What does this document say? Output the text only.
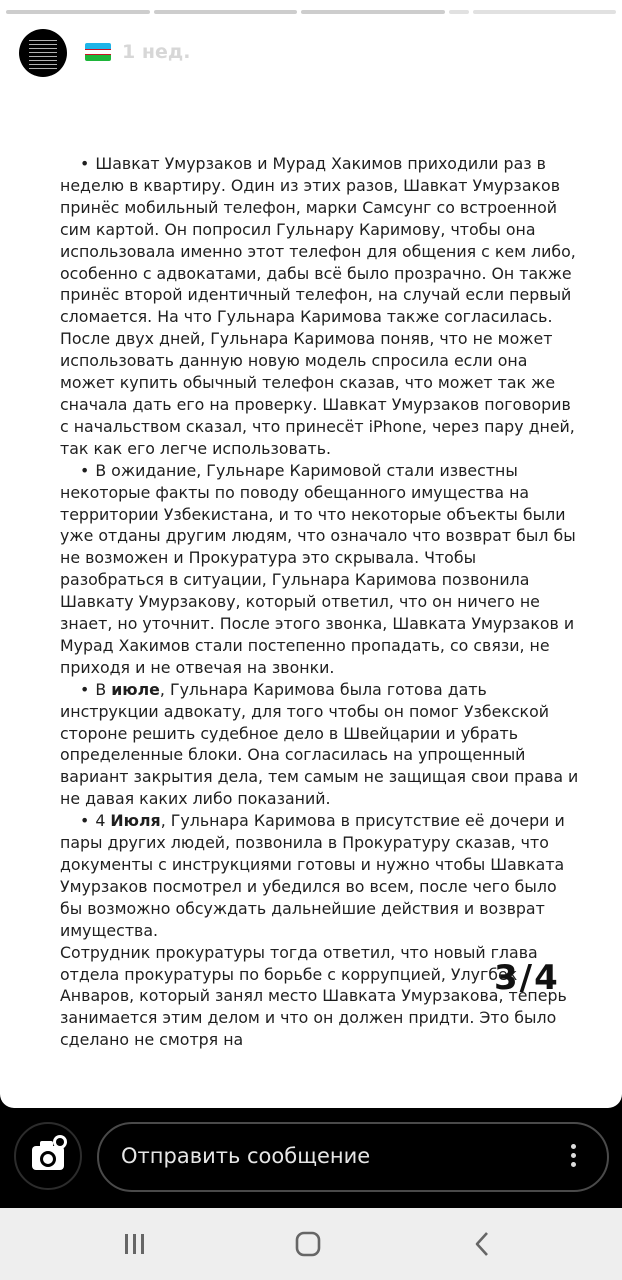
1 нед.

• Шавкат Умурзаков и Мурад Хакимов приходили раз в неделю в квартиру. Один из этих разов, Шавкат Умурзаков принёс мобильный телефон, марки Самсунг со встроенной сим картой. Он попросил Гульнару Каримову, чтобы она использовала именно этот телефон для общения с кем либо, особенно с адвокатами, дабы всё было прозрачно. Он также принёс второй идентичный телефон, на случай если первый сломается. На что Гульнара Каримова также согласилась. После двух дней, Гульнара Каримова поняв, что не может использовать данную новую модель спросила если она может купить обычный телефон сказав, что может так же сначала дать его на проверку. Шавкат Умурзаков поговорив с начальством сказал, что принесёт iPhone, через пару дней, так как его легче использовать.

• В ожидание, Гульнаре Каримовой стали известны некоторые факты по поводу обещанного имущества на территории Узбекистана, и то что некоторые объекты были уже отданы другим людям, что означало что возврат был бы не возможен и Прокуратура это скрывала. Чтобы разобраться в ситуации, Гульнара Каримова позвонила Шавкату Умурзакову, который ответил, что он ничего не знает, но уточнит. После этого звонка, Шавката Умурзаков и Мурад Хакимов стали постепенно пропадать, со связи, не приходя и не отвечая на звонки.

• В июле, Гульнара Каримова была готова дать инструкции адвокату, для того чтобы он помог Узбекской стороне решить судебное дело в Швейцарии и убрать определенные блоки. Она согласилась на упрощенный вариант закрытия дела, тем самым не защищая свои права и не давая каких либо показаний.

• 4 Июля, Гульнара Каримова в присутствие её дочери и пары других людей, позвонила в Прокуратуру сказав, что документы с инструкциями готовы и нужно чтобы Шавката Умурзаков посмотрел и убедился во всем, после чего было бы возможно обсуждать дальнейшие действия и возврат имущества.

Сотрудник прокуратуры тогда ответил, что новый глава отдела прокуратуры по борьбе с коррупцией, Улугбек Анваров, который занял место Шавката Умурзакова, теперь занимается этим делом и что он должен придти. Это было сделано не смотря на

3/4
Отправить сообщение
